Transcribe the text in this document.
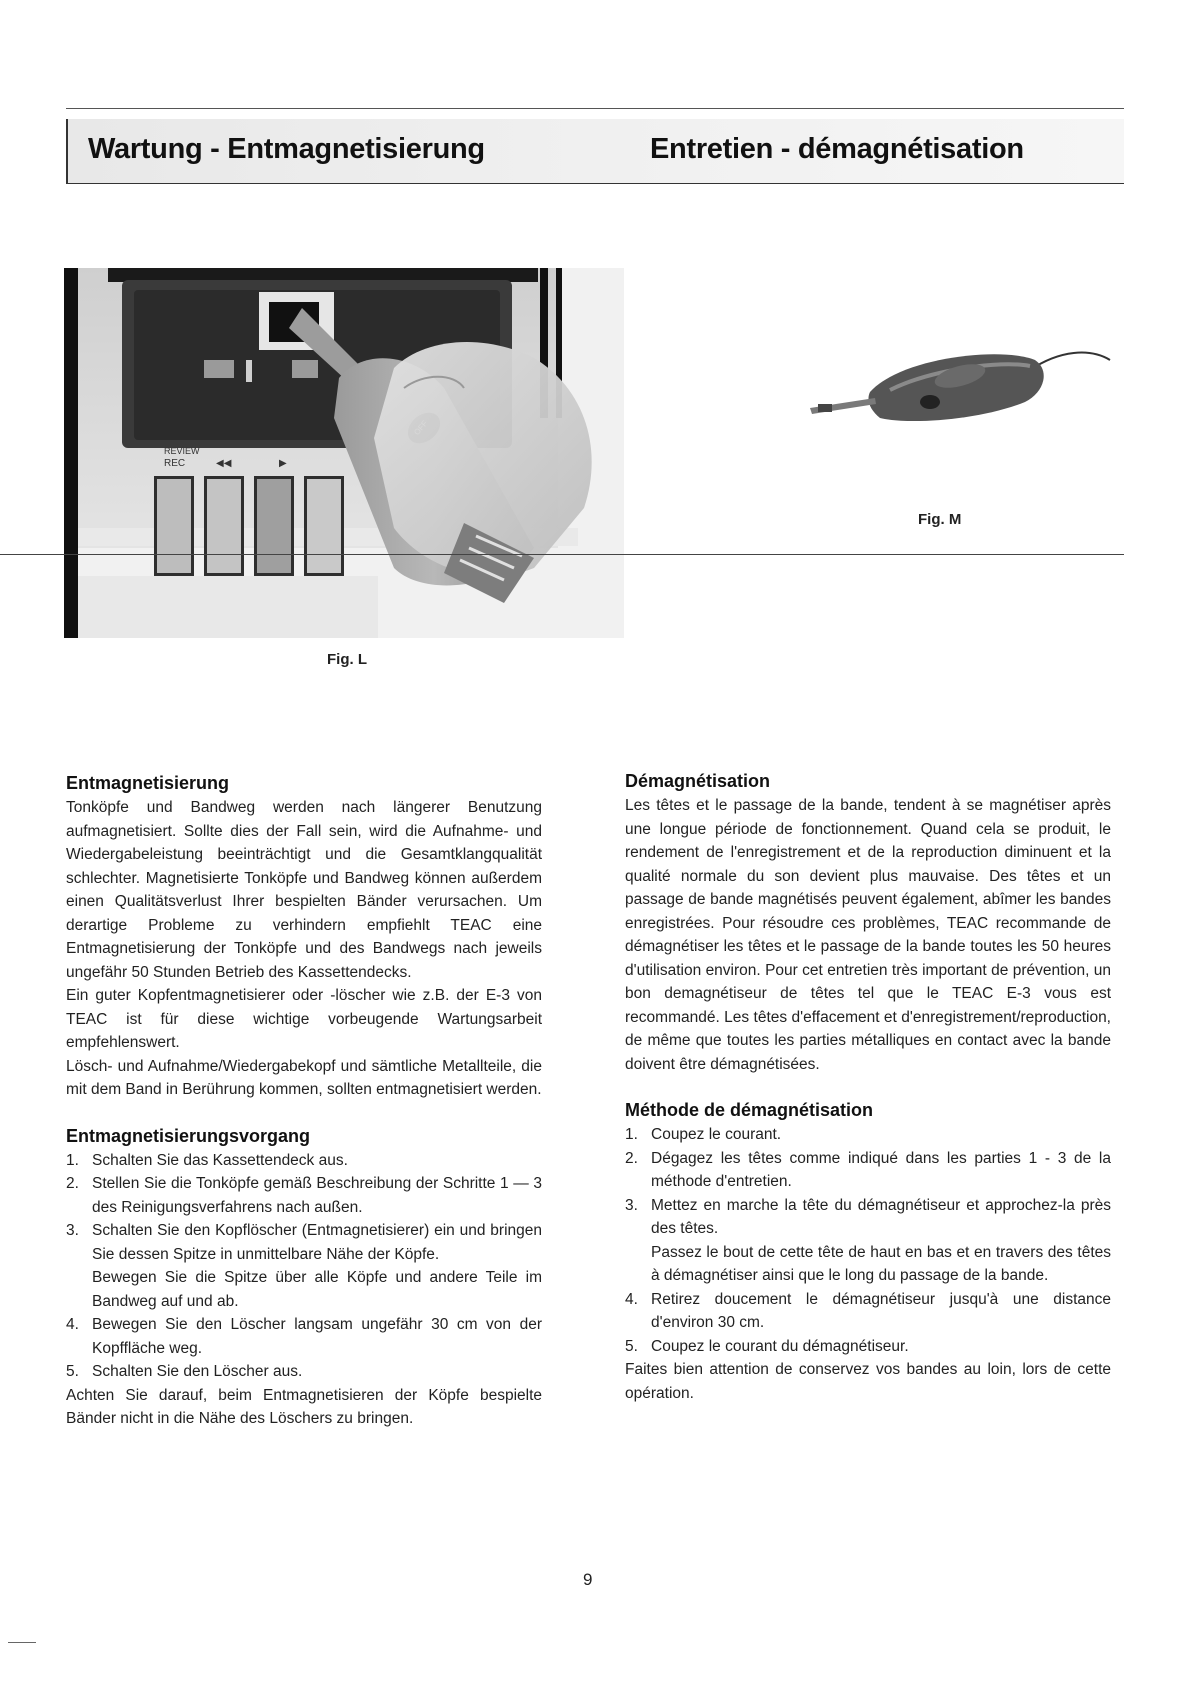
Wartung - Entmagnetisierung	Entretien - démagnétisation
REVIEW
REC	◀◀	▶
Fig. L
Fig. M
Entmagnetisierung

Tonköpfe und Bandweg werden nach längerer Benutzung aufmagnetisiert. Sollte dies der Fall sein, wird die Aufnahme- und Wiedergabeleistung beeinträchtigt und die Gesamtklangqualität schlechter. Magnetisierte Tonköpfe und Bandweg können außerdem einen Qualitätsverlust Ihrer bespielten Bänder verursachen. Um derartige Probleme zu verhindern empfiehlt TEAC eine Entmagnetisierung der Tonköpfe und des Bandwegs nach jeweils ungefähr 50 Stunden Betrieb des Kassettendecks.

Ein guter Kopfentmagnetisierer oder -löscher wie z.B. der E-3 von TEAC ist für diese wichtige vorbeugende Wartungsarbeit empfehlenswert.

Lösch- und Aufnahme/Wiedergabekopf und sämtliche Metallteile, die mit dem Band in Berührung kommen, sollten entmagnetisiert werden.

Entmagnetisierungsvorgang
1. Schalten Sie das Kassettendeck aus.
2. Stellen Sie die Tonköpfe gemäß Beschreibung der Schritte 1 — 3 des Reinigungsverfahrens nach außen.
3. Schalten Sie den Kopflöscher (Entmagnetisierer) ein und bringen Sie dessen Spitze in unmittelbare Nähe der Köpfe.
Bewegen Sie die Spitze über alle Köpfe und andere Teile im Bandweg auf und ab.
4. Bewegen Sie den Löscher langsam ungefähr 30 cm von der Kopffläche weg.
5. Schalten Sie den Löscher aus.

Achten Sie darauf, beim Entmagnetisieren der Köpfe bespielte Bänder nicht in die Nähe des Löschers zu bringen.

Démagnétisation

Les têtes et le passage de la bande, tendent à se magnétiser après une longue période de fonctionnement. Quand cela se produit, le rendement de l'enregistrement et de la reproduction diminuent et la qualité normale du son devient plus mauvaise. Des têtes et un passage de bande magnétisés peuvent également, abîmer les bandes enregistrées. Pour résoudre ces problèmes, TEAC recommande de démagnétiser les têtes et le passage de la bande toutes les 50 heures d'utilisation environ. Pour cet entretien très important de prévention, un bon demagnétiseur de têtes tel que le TEAC E-3 vous est recommandé. Les têtes d'effacement et d'enregistrement/reproduction, de même que toutes les parties métalliques en contact avec la bande doivent être démagnétisées.

Méthode de démagnétisation
1. Coupez le courant.
2. Dégagez les têtes comme indiqué dans les parties 1 - 3 de la méthode d'entretien.
3. Mettez en marche la tête du démagnétiseur et approchez-la près des têtes.
Passez le bout de cette tête de haut en bas et en travers des têtes à démagnétiser ainsi que le long du passage de la bande.
4. Retirez doucement le démagnétiseur jusqu'à une distance d'environ 30 cm.
5. Coupez le courant du démagnétiseur.

Faites bien attention de conservez vos bandes au loin, lors de cette opération.

9
